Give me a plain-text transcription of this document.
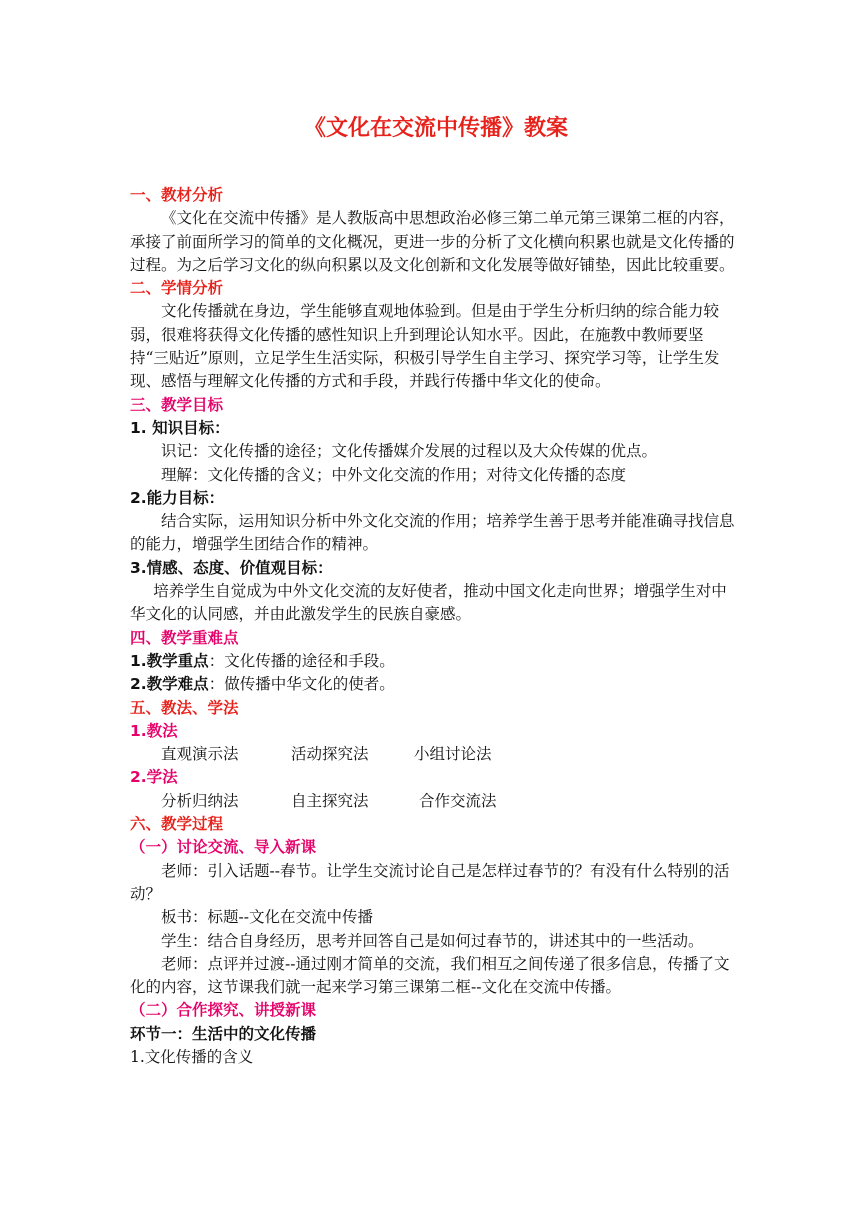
《文化在交流中传播》教案
一、教材分析

《文化在交流中传播》是人教版高中思想政治必修三第二单元第三课第二框的内容，承接了前面所学习的简单的文化概况，更进一步的分析了文化横向积累也就是文化传播的过程。为之后学习文化的纵向积累以及文化创新和文化发展等做好铺垫，因此比较重要。

二、学情分析

文化传播就在身边，学生能够直观地体验到。但是由于学生分析归纳的综合能力较弱，很难将获得文化传播的感性知识上升到理论认知水平。因此，在施教中教师要坚持“三贴近”原则，立足学生生活实际，积极引导学生自主学习、探究学习等，让学生发现、感悟与理解文化传播的方式和手段，并践行传播中华文化的使命。

三、教学目标
1. 知识目标：

识记：文化传播的途径；文化传播媒介发展的过程以及大众传媒的优点。

理解：文化传播的含义；中外文化交流的作用；对待文化传播的态度

2.能力目标：

结合实际，运用知识分析中外文化交流的作用；培养学生善于思考并能准确寻找信息的能力，增强学生团结合作的精神。

3.情感、态度、价值观目标：

培养学生自觉成为中外文化交流的友好使者，推动中国文化走向世界；增强学生对中华文化的认同感，并由此激发学生的民族自豪感。

四、教学重难点
1.教学重点：文化传播的途径和手段。
2.教学难点：做传播中华文化的使者。
五、教法、学法
1.教法
直观演示法	活动探究法	小组讨论法
2.学法
分析归纳法	自主探究法	合作交流法
六、教学过程
（一）讨论交流、导入新课

老师：引入话题--春节。让学生交流讨论自己是怎样过春节的？有没有什么特别的活动？

板书：标题--文化在交流中传播

学生：结合自身经历，思考并回答自己是如何过春节的，讲述其中的一些活动。

老师：点评并过渡--通过刚才简单的交流，我们相互之间传递了很多信息，传播了文化的内容，这节课我们就一起来学习第三课第二框--文化在交流中传播。

（二）合作探究、讲授新课
环节一：生活中的文化传播

1.文化传播的含义
